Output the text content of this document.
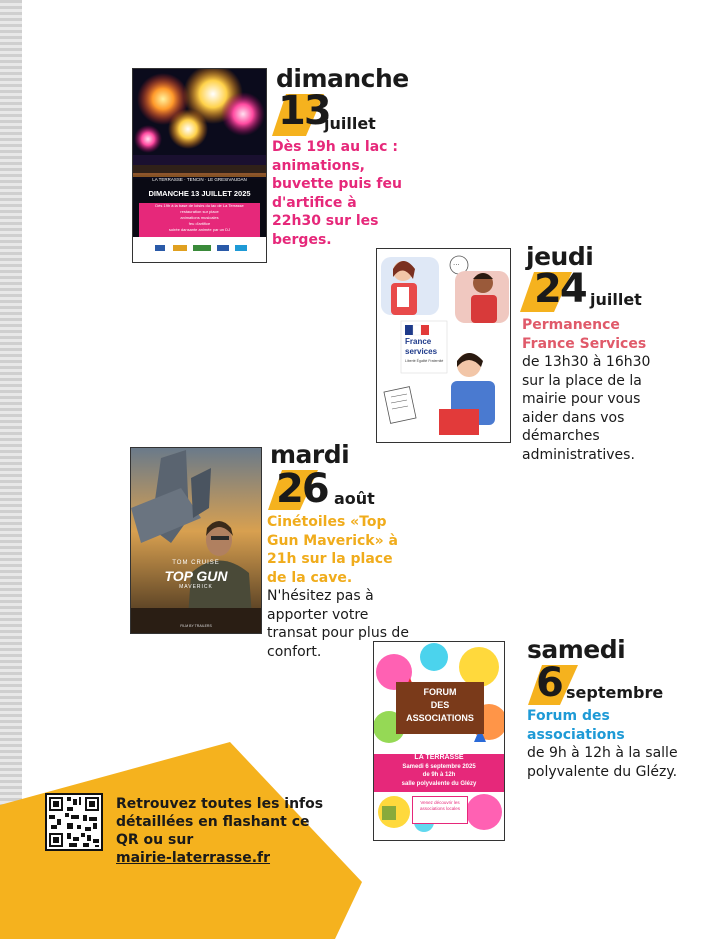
LA TERRASSE · TENCIN · LE GRESIVAUDAN
DIMANCHE 13 JUILLET 2025
Dès 19h à la base de loisirs du lac de La Terrasse
restauration sur place
animations musicales
feu d'artifice
soirée dansante animée par un DJ
dimanche
13
juillet
Dès 19h au lac : animations, buvette puis feu d'artifice à 22h30 sur les berges.
···
France
services
Liberté Égalité Fraternité
jeudi
24 juillet
Permanence France Services
de 13h30 à 16h30 sur la place de la mairie pour vous aider dans vos démarches administratives.
TOM CRUISE
TOP GUN
MAVERICK
FILM BY TRAILERS
mardi
26 août
Cinétoiles «Top Gun Maverick» à 21h sur la place de la cave. N'hésitez pas à apporter votre transat pour plus de confort.
FORUM
DES
ASSOCIATIONS
LA TERRASSE
Samedi 6 septembre 2025
de 9h à 12h
salle polyvalente du Glézy
Venez découvrir les associations locales
samedi
6 septembre
Forum des associations
de 9h à 12h à la salle polyvalente du Glézy.
Retrouvez toutes les infos détaillées en flashant ce QR ou sur
mairie-laterrasse.fr
